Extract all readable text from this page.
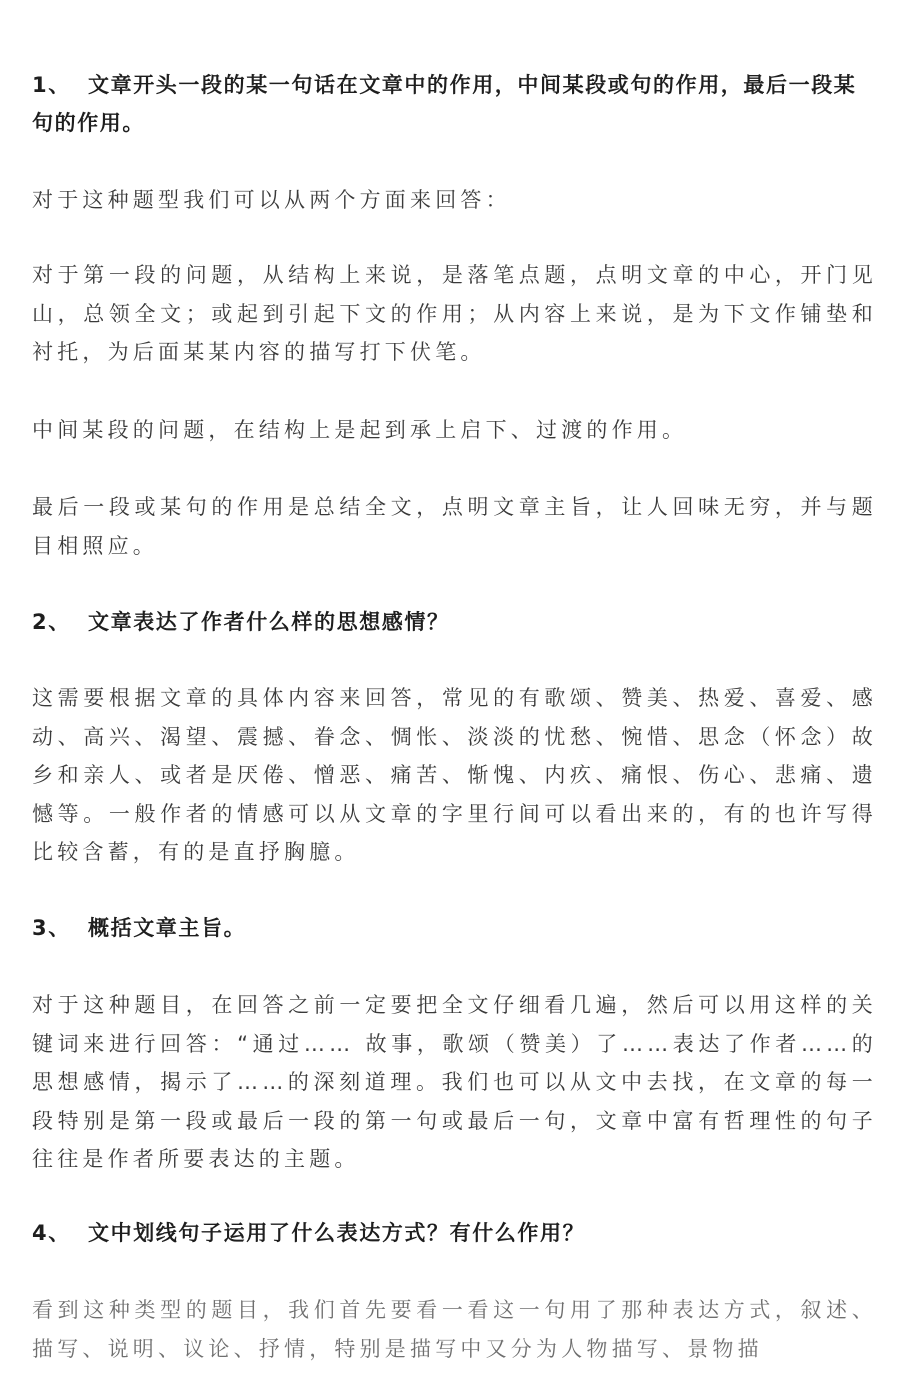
1、 文章开头一段的某一句话在文章中的作用，中间某段或句的作用，最后一段某句的作用。

对于这种题型我们可以从两个方面来回答：

对于第一段的问题，从结构上来说，是落笔点题，点明文章的中心，开门见山，总领全文；或起到引起下文的作用；从内容上来说，是为下文作铺垫和衬托，为后面某某内容的描写打下伏笔。

中间某段的问题，在结构上是起到承上启下、过渡的作用。

最后一段或某句的作用是总结全文，点明文章主旨，让人回味无穷，并与题目相照应。

2、 文章表达了作者什么样的思想感情？

这需要根据文章的具体内容来回答，常见的有歌颂、赞美、热爱、喜爱、感动、高兴、渴望、震撼、眷念、惆怅、淡淡的忧愁、惋惜、思念（怀念）故乡和亲人、或者是厌倦、憎恶、痛苦、惭愧、内疚、痛恨、伤心、悲痛、遗憾等。一般作者的情感可以从文章的字里行间可以看出来的，有的也许写得比较含蓄，有的是直抒胸臆。

3、 概括文章主旨。

对于这种题目，在回答之前一定要把全文仔细看几遍，然后可以用这样的关键词来进行回答：“通过…… 故事，歌颂（赞美）了……表达了作者……的思想感情，揭示了……的深刻道理。我们也可以从文中去找，在文章的每一段特别是第一段或最后一段的第一句或最后一句，文章中富有哲理性的句子往往是作者所要表达的主题。

4、 文中划线句子运用了什么表达方式？有什么作用？

看到这种类型的题目，我们首先要看一看这一句用了那种表达方式，叙述、描写、说明、议论、抒情，特别是描写中又分为人物描写、景物描
